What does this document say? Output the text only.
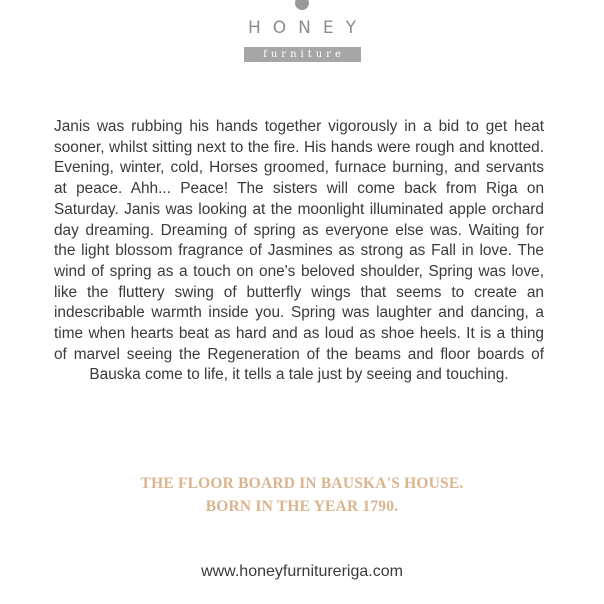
HONEY
furniture

Janis was rubbing his hands together vigorously in a bid to get heat sooner, whilst sitting next to the fire. His hands were rough and knotted. Evening, winter, cold, Horses groomed, furnace burning, and servants at peace. Ahh... Peace! The sisters will come back from Riga on Saturday. Janis was looking at the moonlight illuminated apple orchard day dreaming. Dreaming of spring as everyone else was. Waiting for the light blossom fragrance of Jasmines as strong as Fall in love. The wind of spring as a touch on one's beloved shoulder, Spring was love, like the fluttery swing of butterfly wings that seems to create an indescribable warmth inside you. Spring was laughter and dancing, a time when hearts beat as hard and as loud as shoe heels. It is a thing of marvel seeing the Regeneration of the beams and floor boards of Bauska come to life, it tells a tale just by seeing and touching.

THE FLOOR BOARD IN BAUSKA'S HOUSE.
BORN IN THE YEAR 1790.
www.honeyfurnitureriga.com
